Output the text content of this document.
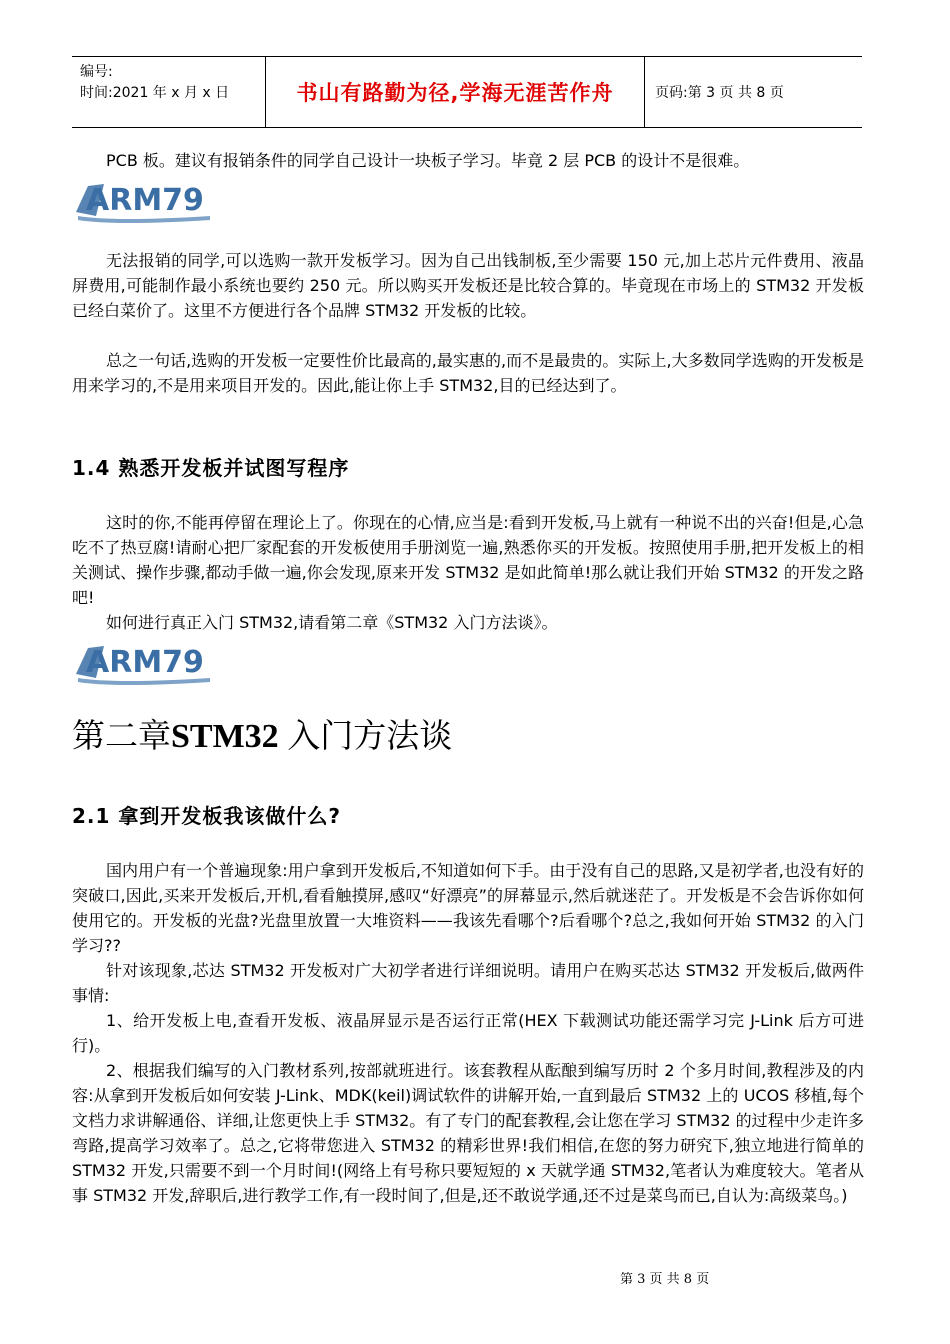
编号:
时间:2021 年 x 月 x 日	书山有路勤为径,学海无涯苦作舟	页码:第 3 页 共 8 页

PCB 板。建议有报销条件的同学自己设计一块板子学习。毕竟 2 层 PCB 的设计不是很难。

ARM79

无法报销的同学,可以选购一款开发板学习。因为自己出钱制板,至少需要 150 元,加上芯片元件费用、液晶屏费用,可能制作最小系统也要约 250 元。所以购买开发板还是比较合算的。毕竟现在市场上的 STM32 开发板已经白菜价了。这里不方便进行各个品牌 STM32 开发板的比较。

总之一句话,选购的开发板一定要性价比最高的,最实惠的,而不是最贵的。实际上,大多数同学选购的开发板是用来学习的,不是用来项目开发的。因此,能让你上手 STM32,目的已经达到了。

1.4 熟悉开发板并试图写程序

这时的你,不能再停留在理论上了。你现在的心情,应当是:看到开发板,马上就有一种说不出的兴奋!但是,心急吃不了热豆腐!请耐心把厂家配套的开发板使用手册浏览一遍,熟悉你买的开发板。按照使用手册,把开发板上的相关测试、操作步骤,都动手做一遍,你会发现,原来开发 STM32 是如此简单!那么就让我们开始 STM32 的开发之路吧!

如何进行真正入门 STM32,请看第二章《STM32 入门方法谈》。

ARM79
第二章STM32 入门方法谈
2.1 拿到开发板我该做什么?

国内用户有一个普遍现象:用户拿到开发板后,不知道如何下手。由于没有自己的思路,又是初学者,也没有好的突破口,因此,买来开发板后,开机,看看触摸屏,感叹“好漂亮”的屏幕显示,然后就迷茫了。开发板是不会告诉你如何使用它的。开发板的光盘?光盘里放置一大堆资料——我该先看哪个?后看哪个?总之,我如何开始 STM32 的入门学习??

针对该现象,芯达 STM32 开发板对广大初学者进行详细说明。请用户在购买芯达 STM32 开发板后,做两件事情:

1、给开发板上电,查看开发板、液晶屏显示是否运行正常(HEX 下载测试功能还需学习完 J-Link 后方可进行)。

2、根据我们编写的入门教材系列,按部就班进行。该套教程从酝酿到编写历时 2 个多月时间,教程涉及的内容:从拿到开发板后如何安装 J-Link、MDK(keil)调试软件的讲解开始,一直到最后 STM32 上的 UCOS 移植,每个文档力求讲解通俗、详细,让您更快上手 STM32。有了专门的配套教程,会让您在学习 STM32 的过程中少走许多弯路,提高学习效率了。总之,它将带您进入 STM32 的精彩世界!我们相信,在您的努力研究下,独立地进行简单的 STM32 开发,只需要不到一个月时间!(网络上有号称只要短短的 x 天就学通 STM32,笔者认为难度较大。笔者从事 STM32 开发,辞职后,进行教学工作,有一段时间了,但是,还不敢说学通,还不过是菜鸟而已,自认为:高级菜鸟。)

第 3 页 共 8 页
